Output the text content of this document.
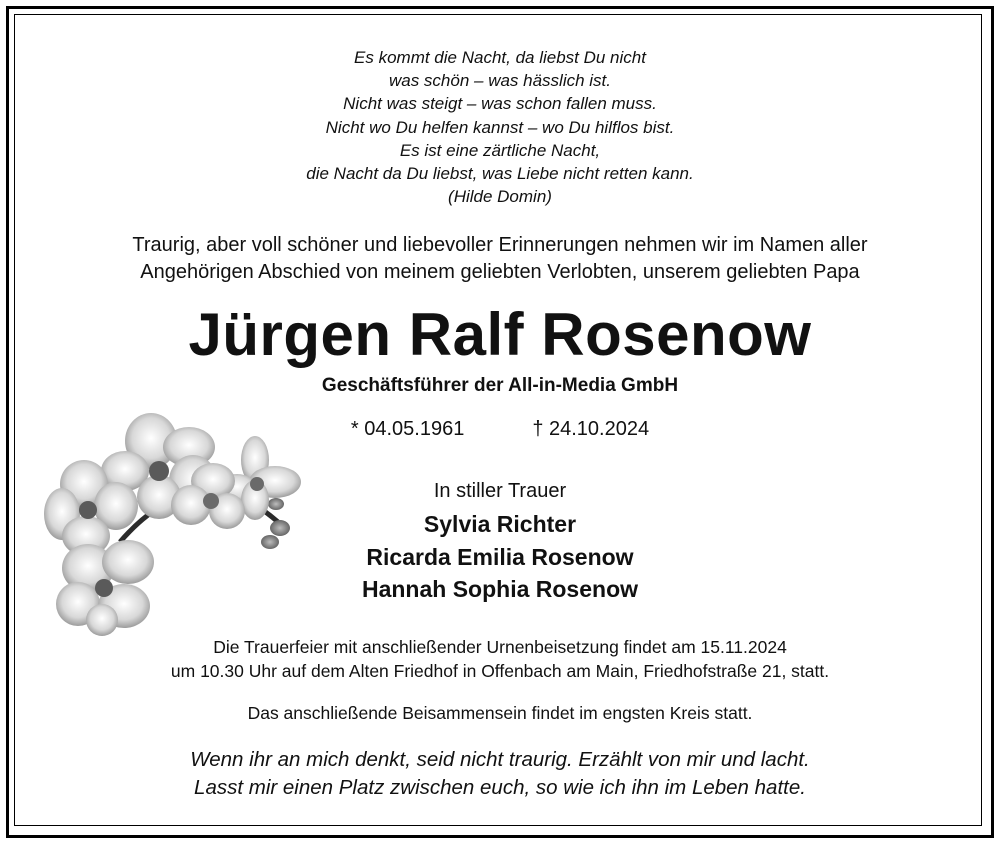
Es kommt die Nacht, da liebst Du nicht
was schön – was hässlich ist.
Nicht was steigt – was schon fallen muss.
Nicht wo Du helfen kannst – wo Du hilflos bist.
Es ist eine zärtliche Nacht,
die Nacht da Du liebst, was Liebe nicht retten kann.
(Hilde Domin)
Traurig, aber voll schöner und liebevoller Erinnerungen nehmen wir im Namen aller
Angehörigen Abschied von meinem geliebten Verlobten, unserem geliebten Papa
Jürgen Ralf Rosenow
Geschäftsführer der All-in-Media GmbH
* 04.05.1961	† 24.10.2024
In stiller Trauer
Sylvia Richter
Ricarda Emilia Rosenow
Hannah Sophia Rosenow
Die Trauerfeier mit anschließender Urnenbeisetzung findet am 15.11.2024
um 10.30 Uhr auf dem Alten Friedhof in Offenbach am Main, Friedhofstraße 21, statt.
Das anschließende Beisammensein findet im engsten Kreis statt.
Wenn ihr an mich denkt, seid nicht traurig. Erzählt von mir und lacht.
Lasst mir einen Platz zwischen euch, so wie ich ihn im Leben hatte.
